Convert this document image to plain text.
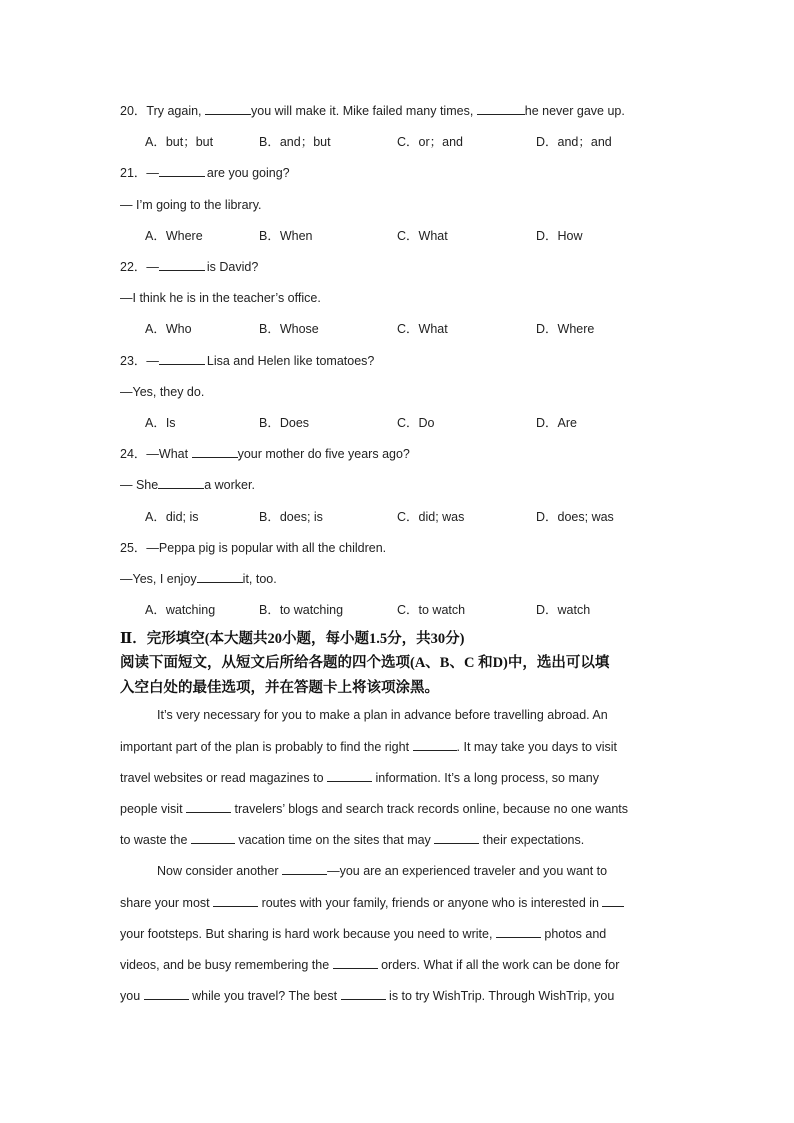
20．Try again,	you will make it. Mike failed many times,	he never gave up.
A．but；but	B．and；but	C．or；and	D．and；and
21．—	are you going?
— I’m going to the library.
A．Where	B．When	C．What	D．How
22．—	is David?
—I think he is in the teacher’s office.
A．Who	B．Whose	C．What	D．Where
23．—	Lisa and Helen like tomatoes?
—Yes, they do.
A．Is	B．Does	C．Do	D．Are
24．—What	your mother do five years ago?
— She	a worker.
A．did; is	B．does; is	C．did; was	D．does; was
25．—Peppa pig is popular with all the children.
—Yes, I enjoy	it, too.
A．watching	B．to watching	C．to watch	D．watch
Ⅱ．完形填空(本大题共20小题，每小题1.5分，共30分)
阅读下面短文，从短文后所给各题的四个选项(A、B、C 和D)中，选出可以填
入空白处的最佳选项，并在答题卡上将该项涂黑。
It’s very necessary for you to make a plan in advance before travelling abroad. An
important part of the plan is probably to find the right	. It may take you days to visit
travel websites or read magazines to	information. It’s a long process, so many
people visit	travelers’ blogs and search track records online, because no one wants
to waste the	vacation time on the sites that may	their expectations.
Now consider another	—you are an experienced traveler and you want to
share your most	routes with your family, friends or anyone who is interested in
your footsteps. But sharing is hard work because you need to write,	photos and
videos, and be busy remembering the	orders. What if all the work can be done for
you	while you travel? The best	is to try WishTrip. Through WishTrip, you
